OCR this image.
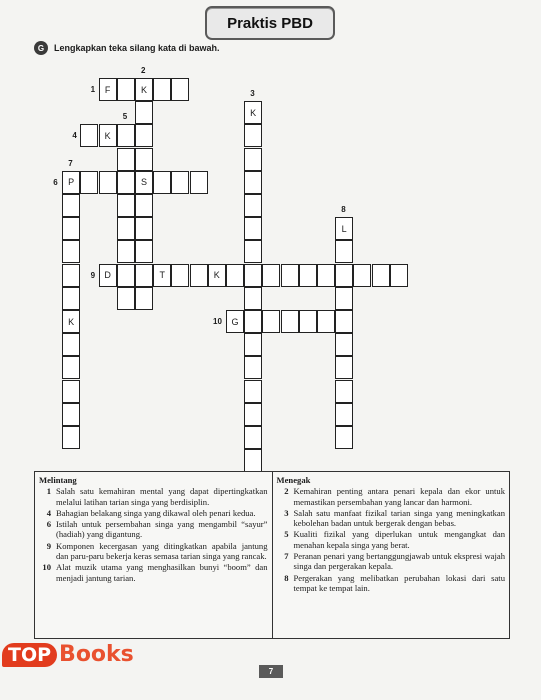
Praktis PBD
G	Lengkapkan teka silang kata di bawah.
F	K
S
K
K
P
K
L
D	T	K
G
1
2
3
4
5
6
7
8
9
10
Melintang
1 Salah satu kemahiran mental yang dapat dipertingkatkan melalui latihan tarian singa yang berdisiplin.
4 Bahagian belakang singa yang dikawal oleh penari kedua.
6 Istilah untuk persembahan singa yang mengambil “sayur” (hadiah) yang digantung.
9 Komponen kecergasan yang ditingkatkan apabila jantung dan paru-paru bekerja keras semasa tarian singa yang rancak.
10 Alat muzik utama yang menghasilkan bunyi “boom” dan menjadi jantung tarian.
Menegak
2 Kemahiran penting antara penari kepala dan ekor untuk memastikan persembahan yang lancar dan harmoni.
3 Salah satu manfaat fizikal tarian singa yang meningkatkan kebolehan badan untuk bergerak dengan bebas.
5 Kualiti fizikal yang diperlukan untuk mengangkat dan menahan kepala singa yang berat.
7 Peranan penari yang bertanggungjawab untuk ekspresi wajah singa dan pergerakan kepala.
8 Pergerakan yang melibatkan perubahan lokasi dari satu tempat ke tempat lain.
7
TOP Books
